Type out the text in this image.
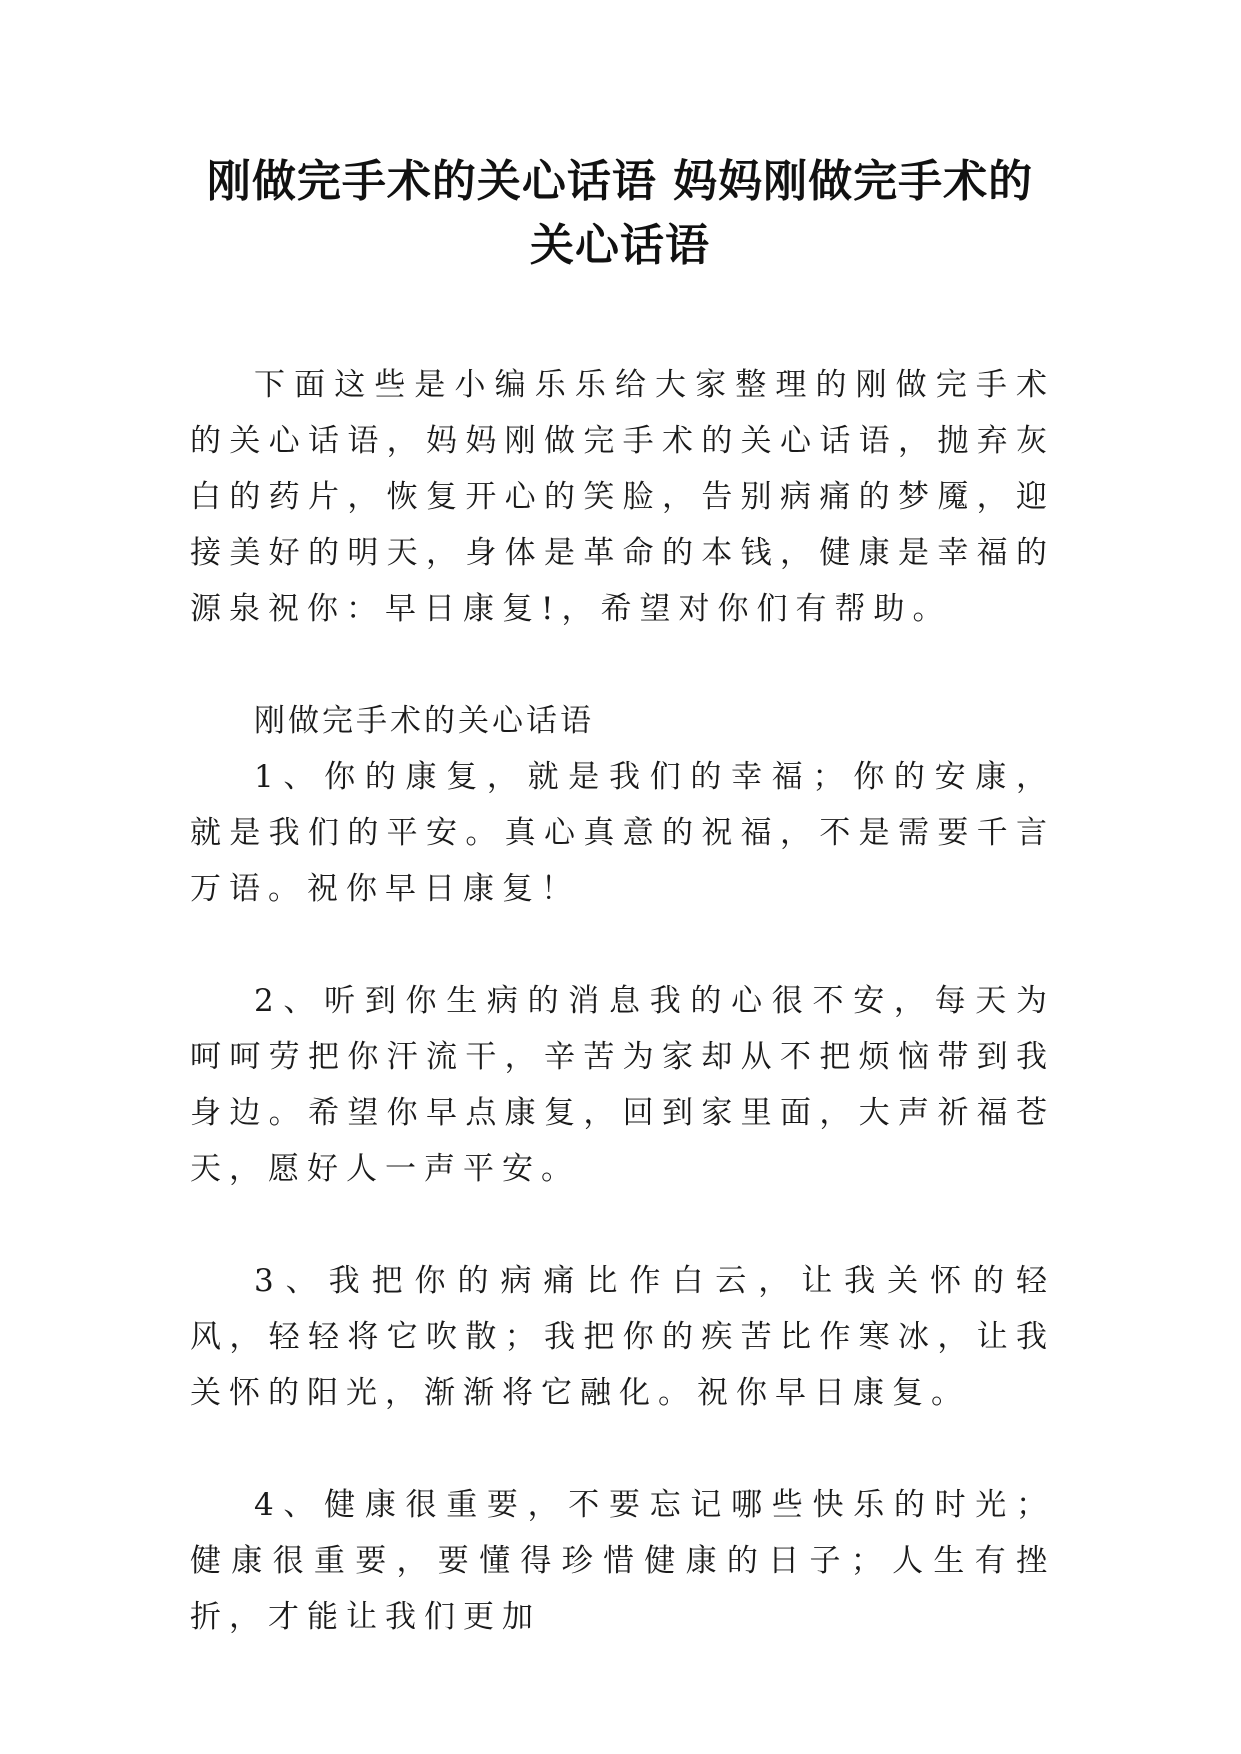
刚做完手术的关心话语 妈妈刚做完手术的
关心话语

下面这些是小编乐乐给大家整理的刚做完手术的关心话语，妈妈刚做完手术的关心话语，抛弃灰白的药片，恢复开心的笑脸，告别病痛的梦魇，迎接美好的明天，身体是革命的本钱，健康是幸福的源泉祝你：早日康复!，希望对你们有帮助。

刚做完手术的关心话语

1、你的康复，就是我们的幸福；你的安康，就是我们的平安。真心真意的祝福，不是需要千言万语。祝你早日康复！

2、听到你生病的消息我的心很不安，每天为呵呵劳把你汗流干，辛苦为家却从不把烦恼带到我身边。希望你早点康复，回到家里面，大声祈福苍天，愿好人一声平安。

3、我把你的病痛比作白云，让我关怀的轻风，轻轻将它吹散；我把你的疾苦比作寒冰，让我关怀的阳光，渐渐将它融化。祝你早日康复。

4、健康很重要，不要忘记哪些快乐的时光；健康很重要，要懂得珍惜健康的日子；人生有挫折，才能让我们更加
